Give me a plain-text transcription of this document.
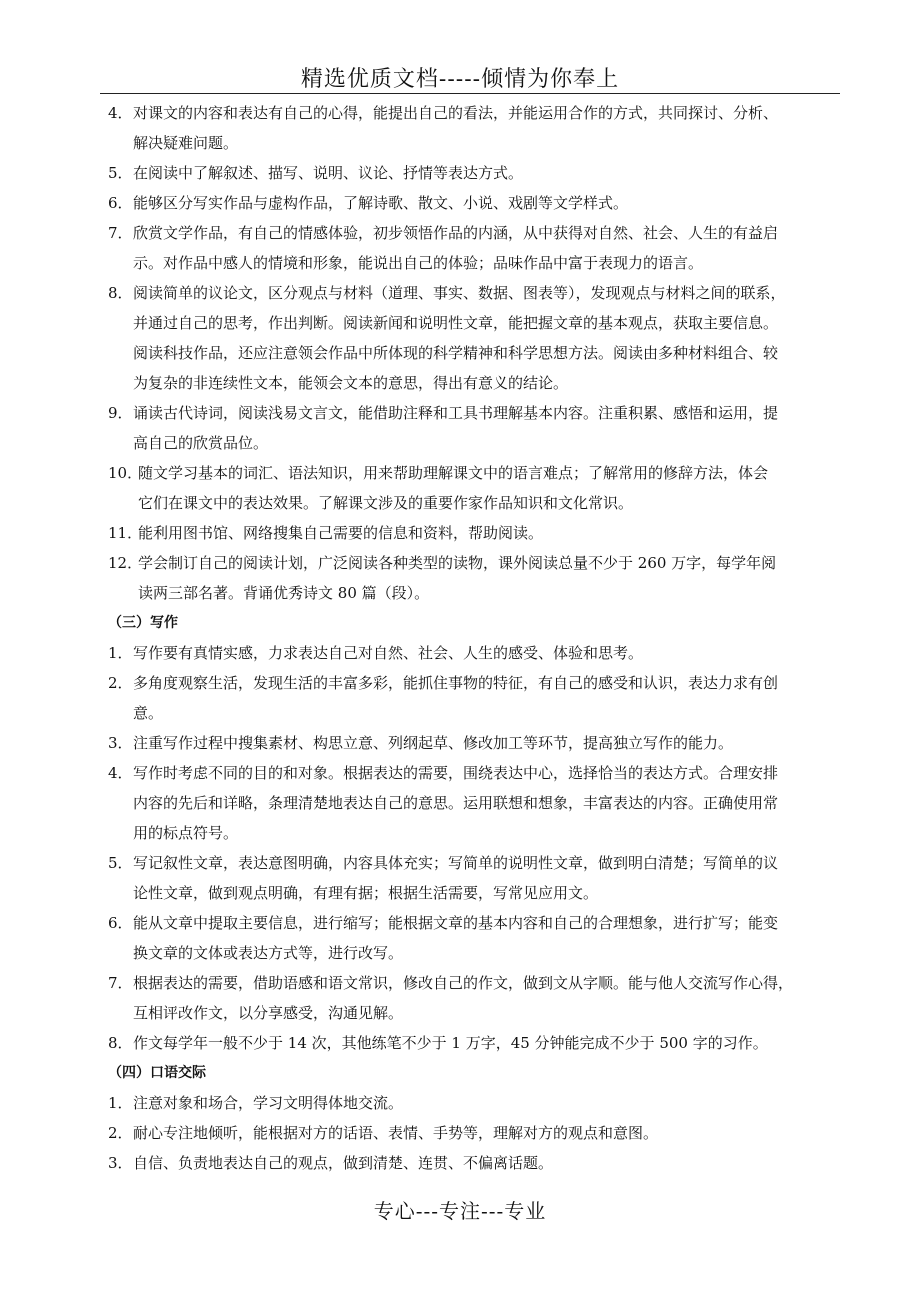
精选优质文档-----倾情为你奉上
4． 对课文的内容和表达有自己的心得，能提出自己的看法，并能运用合作的方式，共同探讨、分析、
解决疑难问题。
5． 在阅读中了解叙述、描写、说明、议论、抒情等表达方式。
6． 能够区分写实作品与虚构作品，了解诗歌、散文、小说、戏剧等文学样式。
7． 欣赏文学作品，有自己的情感体验，初步领悟作品的内涵，从中获得对自然、社会、人生的有益启
示。对作品中感人的情境和形象，能说出自己的体验；品味作品中富于表现力的语言。
8． 阅读简单的议论文，区分观点与材料（道理、事实、数据、图表等），发现观点与材料之间的联系，
并通过自己的思考，作出判断。阅读新闻和说明性文章，能把握文章的基本观点，获取主要信息。
阅读科技作品，还应注意领会作品中所体现的科学精神和科学思想方法。阅读由多种材料组合、较
为复杂的非连续性文本，能领会文本的意思，得出有意义的结论。
9． 诵读古代诗词，阅读浅易文言文，能借助注释和工具书理解基本内容。注重积累、感悟和运用，提
高自己的欣赏品位。
10．
随文学习基本的词汇、语法知识，用来帮助理解课文中的语言难点；了解常用的修辞方法，体会
它们在课文中的表达效果。了解课文涉及的重要作家作品知识和文化常识。
11．
能利用图书馆、网络搜集自己需要的信息和资料，帮助阅读。
12．
学会制订自己的阅读计划，广泛阅读各种类型的读物，课外阅读总量不少于 260 万字，每学年阅
读两三部名著。背诵优秀诗文 80 篇（段）。
（三）写作
1． 写作要有真情实感，力求表达自己对自然、社会、人生的感受、体验和思考。
2． 多角度观察生活，发现生活的丰富多彩，能抓住事物的特征，有自己的感受和认识，表达力求有创
意。
3． 注重写作过程中搜集素材、构思立意、列纲起草、修改加工等环节，提高独立写作的能力。
4． 写作时考虑不同的目的和对象。根据表达的需要，围绕表达中心，选择恰当的表达方式。合理安排
内容的先后和详略，条理清楚地表达自己的意思。运用联想和想象，丰富表达的内容。正确使用常
用的标点符号。
5． 写记叙性文章，表达意图明确，内容具体充实；写简单的说明性文章，做到明白清楚；写简单的议
论性文章，做到观点明确，有理有据；根据生活需要，写常见应用文。
6． 能从文章中提取主要信息，进行缩写；能根据文章的基本内容和自己的合理想象，进行扩写；能变
换文章的文体或表达方式等，进行改写。
7． 根据表达的需要，借助语感和语文常识，修改自己的作文，做到文从字顺。能与他人交流写作心得，
互相评改作文，以分享感受，沟通见解。
8． 作文每学年一般不少于 14 次，其他练笔不少于 1 万字，45 分钟能完成不少于 500 字的习作。
（四）口语交际
1． 注意对象和场合，学习文明得体地交流。
2． 耐心专注地倾听，能根据对方的话语、表情、手势等，理解对方的观点和意图。
3． 自信、负责地表达自己的观点，做到清楚、连贯、不偏离话题。
专心---专注---专业
